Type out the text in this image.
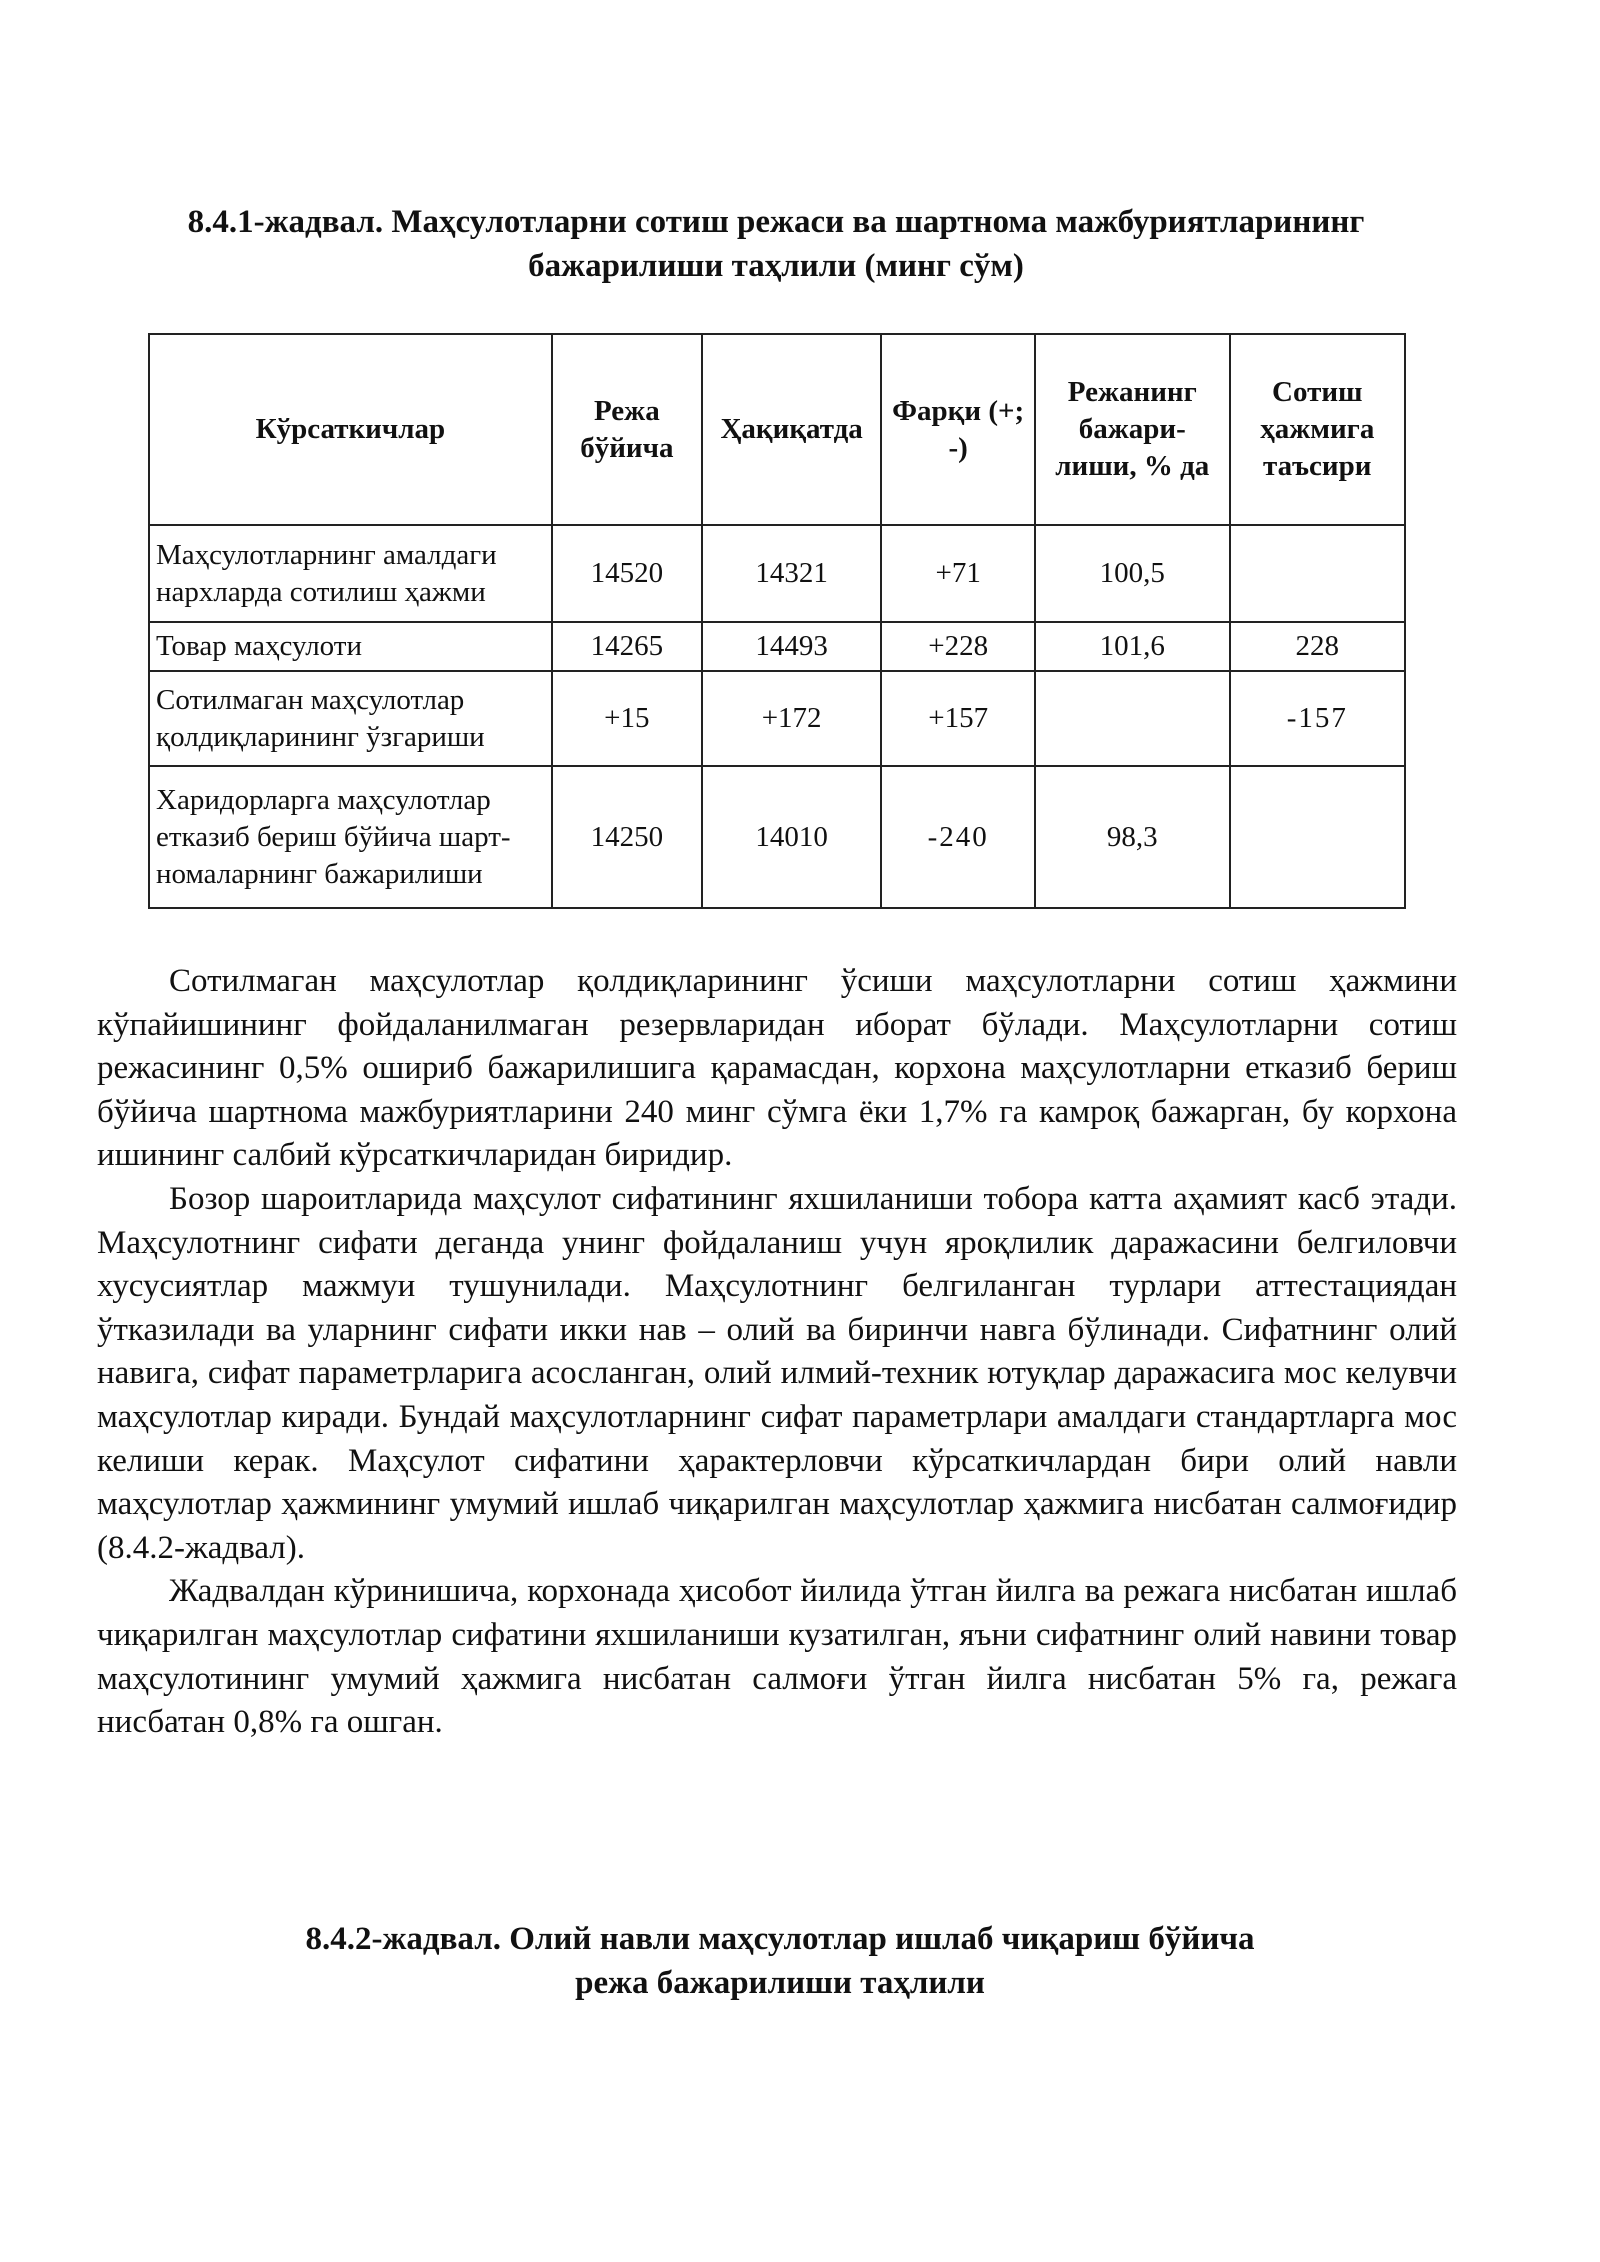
8.4.1-жадвал. Маҳсулотларни сотиш режаси ва шартнома мажбуриятларининг
бажарилиши таҳлили (минг сўм)
Кўрсаткичлар	Режа бўйича	Ҳақиқатда	Фарқи (+; -)	Режанинг бажари-лиши, % да	Сотиш ҳажмига таъсири
Маҳсулотларнинг амалдаги нархларда сотилиш ҳажми	14520	14321	+71	100,5	
Товар маҳсулоти	14265	14493	+228	101,6	228
Сотилмаган маҳсулотлар қолдиқларининг ўзгариши	+15	+172	+157		-157
Харидорларга маҳсулотлар етказиб бериш бўйича шарт-номаларнинг бажарилиши	14250	14010	-240	98,3	

Сотилмаган маҳсулотлар қолдиқларининг ўсиши маҳсулотларни сотиш ҳажмини кўпайишининг фойдаланилмаган резервларидан иборат бўлади. Маҳсулотларни сотиш режасининг 0,5% ошириб бажарилишига қарамасдан, корхона маҳсулотларни етказиб бериш бўйича шартнома мажбуриятларини 240 минг сўмга ёки 1,7% га камроқ бажарган, бу корхона ишининг салбий кўрсаткичларидан биридир.

Бозор шароитларида маҳсулот сифатининг яхшиланиши тобора катта аҳамият касб этади. Маҳсулотнинг сифати деганда унинг фойдаланиш учун яроқлилик даражасини белгиловчи хусусиятлар мажмуи тушунилади. Маҳсулотнинг белгиланган турлари аттестациядан ўтказилади ва уларнинг сифати икки нав – олий ва биринчи навга бўлинади. Сифатнинг олий навига, сифат параметрларига асосланган, олий илмий-техник ютуқлар даражасига мос келувчи маҳсулотлар киради. Бундай маҳсулотларнинг сифат параметрлари амалдаги стандартларга мос келиши керак. Маҳсулот сифатини ҳарактерловчи кўрсаткичлардан бири олий навли маҳсулотлар ҳажмининг умумий ишлаб чиқарилган маҳсулотлар ҳажмига нисбатан салмоғидир (8.4.2-жадвал).

Жадвалдан кўринишича, корхонада ҳисобот йилида ўтган йилга ва режага нисбатан ишлаб чиқарилган маҳсулотлар сифатини яхшиланиши кузатилган, яъни сифатнинг олий навини товар маҳсулотининг умумий ҳажмига нисбатан салмоғи ўтган йилга нисбатан 5% га, режага нисбатан 0,8% га ошган.

8.4.2-жадвал. Олий навли маҳсулотлар ишлаб чиқариш бўйича
режа бажарилиши таҳлили
